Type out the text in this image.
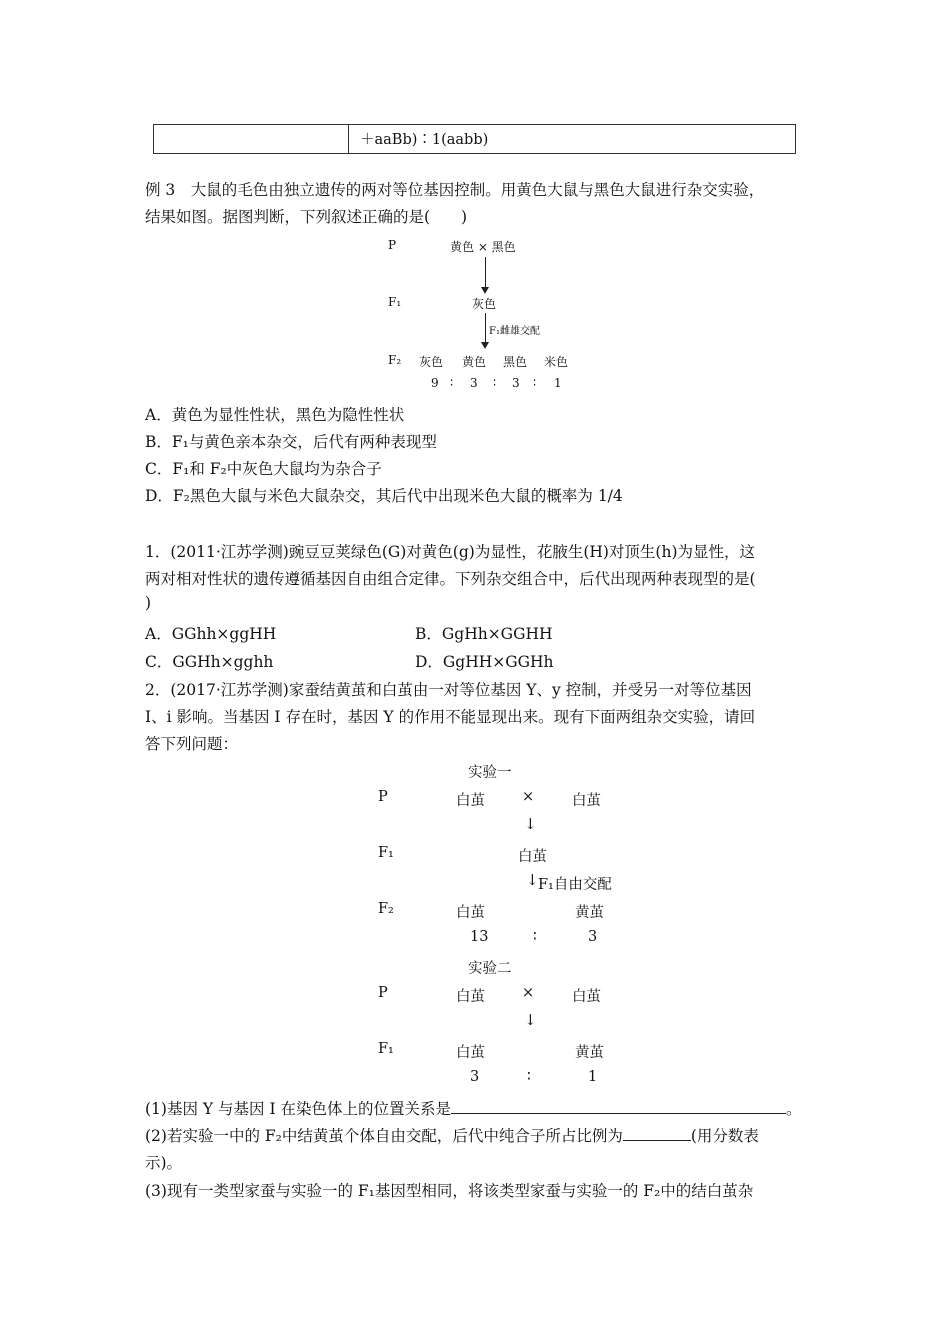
＋aaBb)∶1(aabb)
例 3　大鼠的毛色由独立遗传的两对等位基因控制。用黄色大鼠与黑色大鼠进行杂交实验，
结果如图。据图判断，下列叙述正确的是(　　)
P	黄色 × 黑色
F₁	灰色
F₁雌雄交配
F₂ 灰色 黄色 黑色 米色
9 ∶ 3 ∶ 3 ∶ 1
A．黄色为显性性状，黑色为隐性性状
B．F₁与黄色亲本杂交，后代有两种表现型
C．F₁和 F₂中灰色大鼠均为杂合子
D．F₂黑色大鼠与米色大鼠杂交，其后代中出现米色大鼠的概率为 1/4
1．(2011·江苏学测)豌豆豆荚绿色(G)对黄色(g)为显性，花腋生(H)对顶生(h)为显性，这
两对相对性状的遗传遵循基因自由组合定律。下列杂交组合中，后代出现两种表现型的是(
)
A．GGhh×ggHH	B．GgHh×GGHH
C．GGHh×gghh	D．GgHH×GGHh
2．(2017·江苏学测)家蚕结黄茧和白茧由一对等位基因 Y、y 控制，并受另一对等位基因
I、i 影响。当基因 I 存在时，基因 Y 的作用不能显现出来。现有下面两组杂交实验，请回
答下列问题：
实验一
P	白茧	×	白茧
↓
F₁	白茧
↓ F₁自由交配
F₂	白茧	黄茧
13	∶	3
实验二
P	白茧	×	白茧
↓
F₁	白茧	黄茧
3	∶	1
(1)基因 Y 与基因 I 在染色体上的位置关系是	。
(2)若实验一中的 F₂中结黄茧个体自由交配，后代中纯合子所占比例为	(用分数表
示)。
(3)现有一类型家蚕与实验一的 F₁基因型相同，将该类型家蚕与实验一的 F₂中的结白茧杂
